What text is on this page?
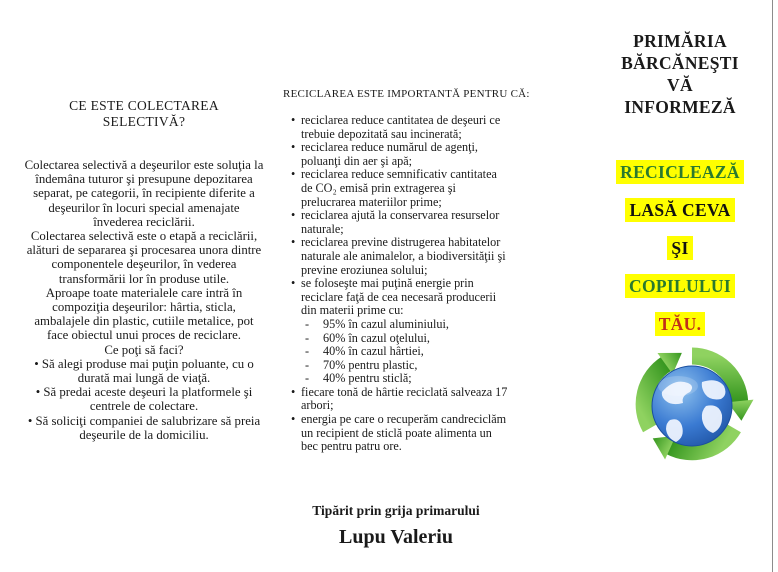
CE ESTE COLECTAREA
SELECTIVĂ?

Colectarea selectivă a deşeurilor este soluţia la îndemâna tuturor şi presupune depozitarea separat, pe categorii, în recipiente diferite a deşeurilor în locuri special amenajate învederea reciclării.

Colectarea selectivă este o etapă a reciclării, alături de separarea şi procesarea unora dintre componentele deşeurilor, în vederea transformării lor în produse utile.

Aproape toate materialele care intră în compoziţia deşeurilor: hârtia, sticla, ambalajele din plastic, cutiile metalice, pot face obiectul unui proces de reciclare.

Ce poţi să faci?

• Să alegi produse mai puţin poluante, cu o durată mai lungă de viaţă.

• Să predai aceste deşeuri la platformele şi centrele de colectare.

• Să soliciţi companiei de salubrizare să preia deşeurile de la domiciliu.

RECICLAREA ESTE IMPORTANTĂ PENTRU CĂ:
• reciclarea reduce cantitatea de deşeuri ce trebuie depozitată sau incinerată;
• reciclarea reduce numărul de agenţi, poluanţi din aer şi apă;
• reciclarea reduce semnificativ cantitatea de CO₂ emisă prin extragerea şi prelucrarea materiilor prime;
• reciclarea ajută la conservarea resurselor naturale;
• reciclarea previne distrugerea habitatelor naturale ale animalelor, a biodiversităţii şi previne eroziunea solului;
• se foloseşte mai puţină energie prin reciclare faţă de cea necesară producerii din materii prime cu:
-	95% în cazul aluminiului,
-	60% în cazul oţelului,
-	40% în cazul hârtiei,
-	70% pentru plastic,
-	40% pentru sticlă;
• fiecare tonă de hârtie reciclată salveaza 17 arbori;
• energia pe care o recuperăm candreciclăm un recipient de sticlă poate alimenta un bec pentru patru ore.
Tipărit prin grija primarului
Lupu Valeriu
PRIMĂRIA
BĂRCĂNEŞTI
VĂ
INFORMEZĂ
RECICLEAZĂ
LASĂ CEVA
ŞI
COPILULUI
TĂU.
